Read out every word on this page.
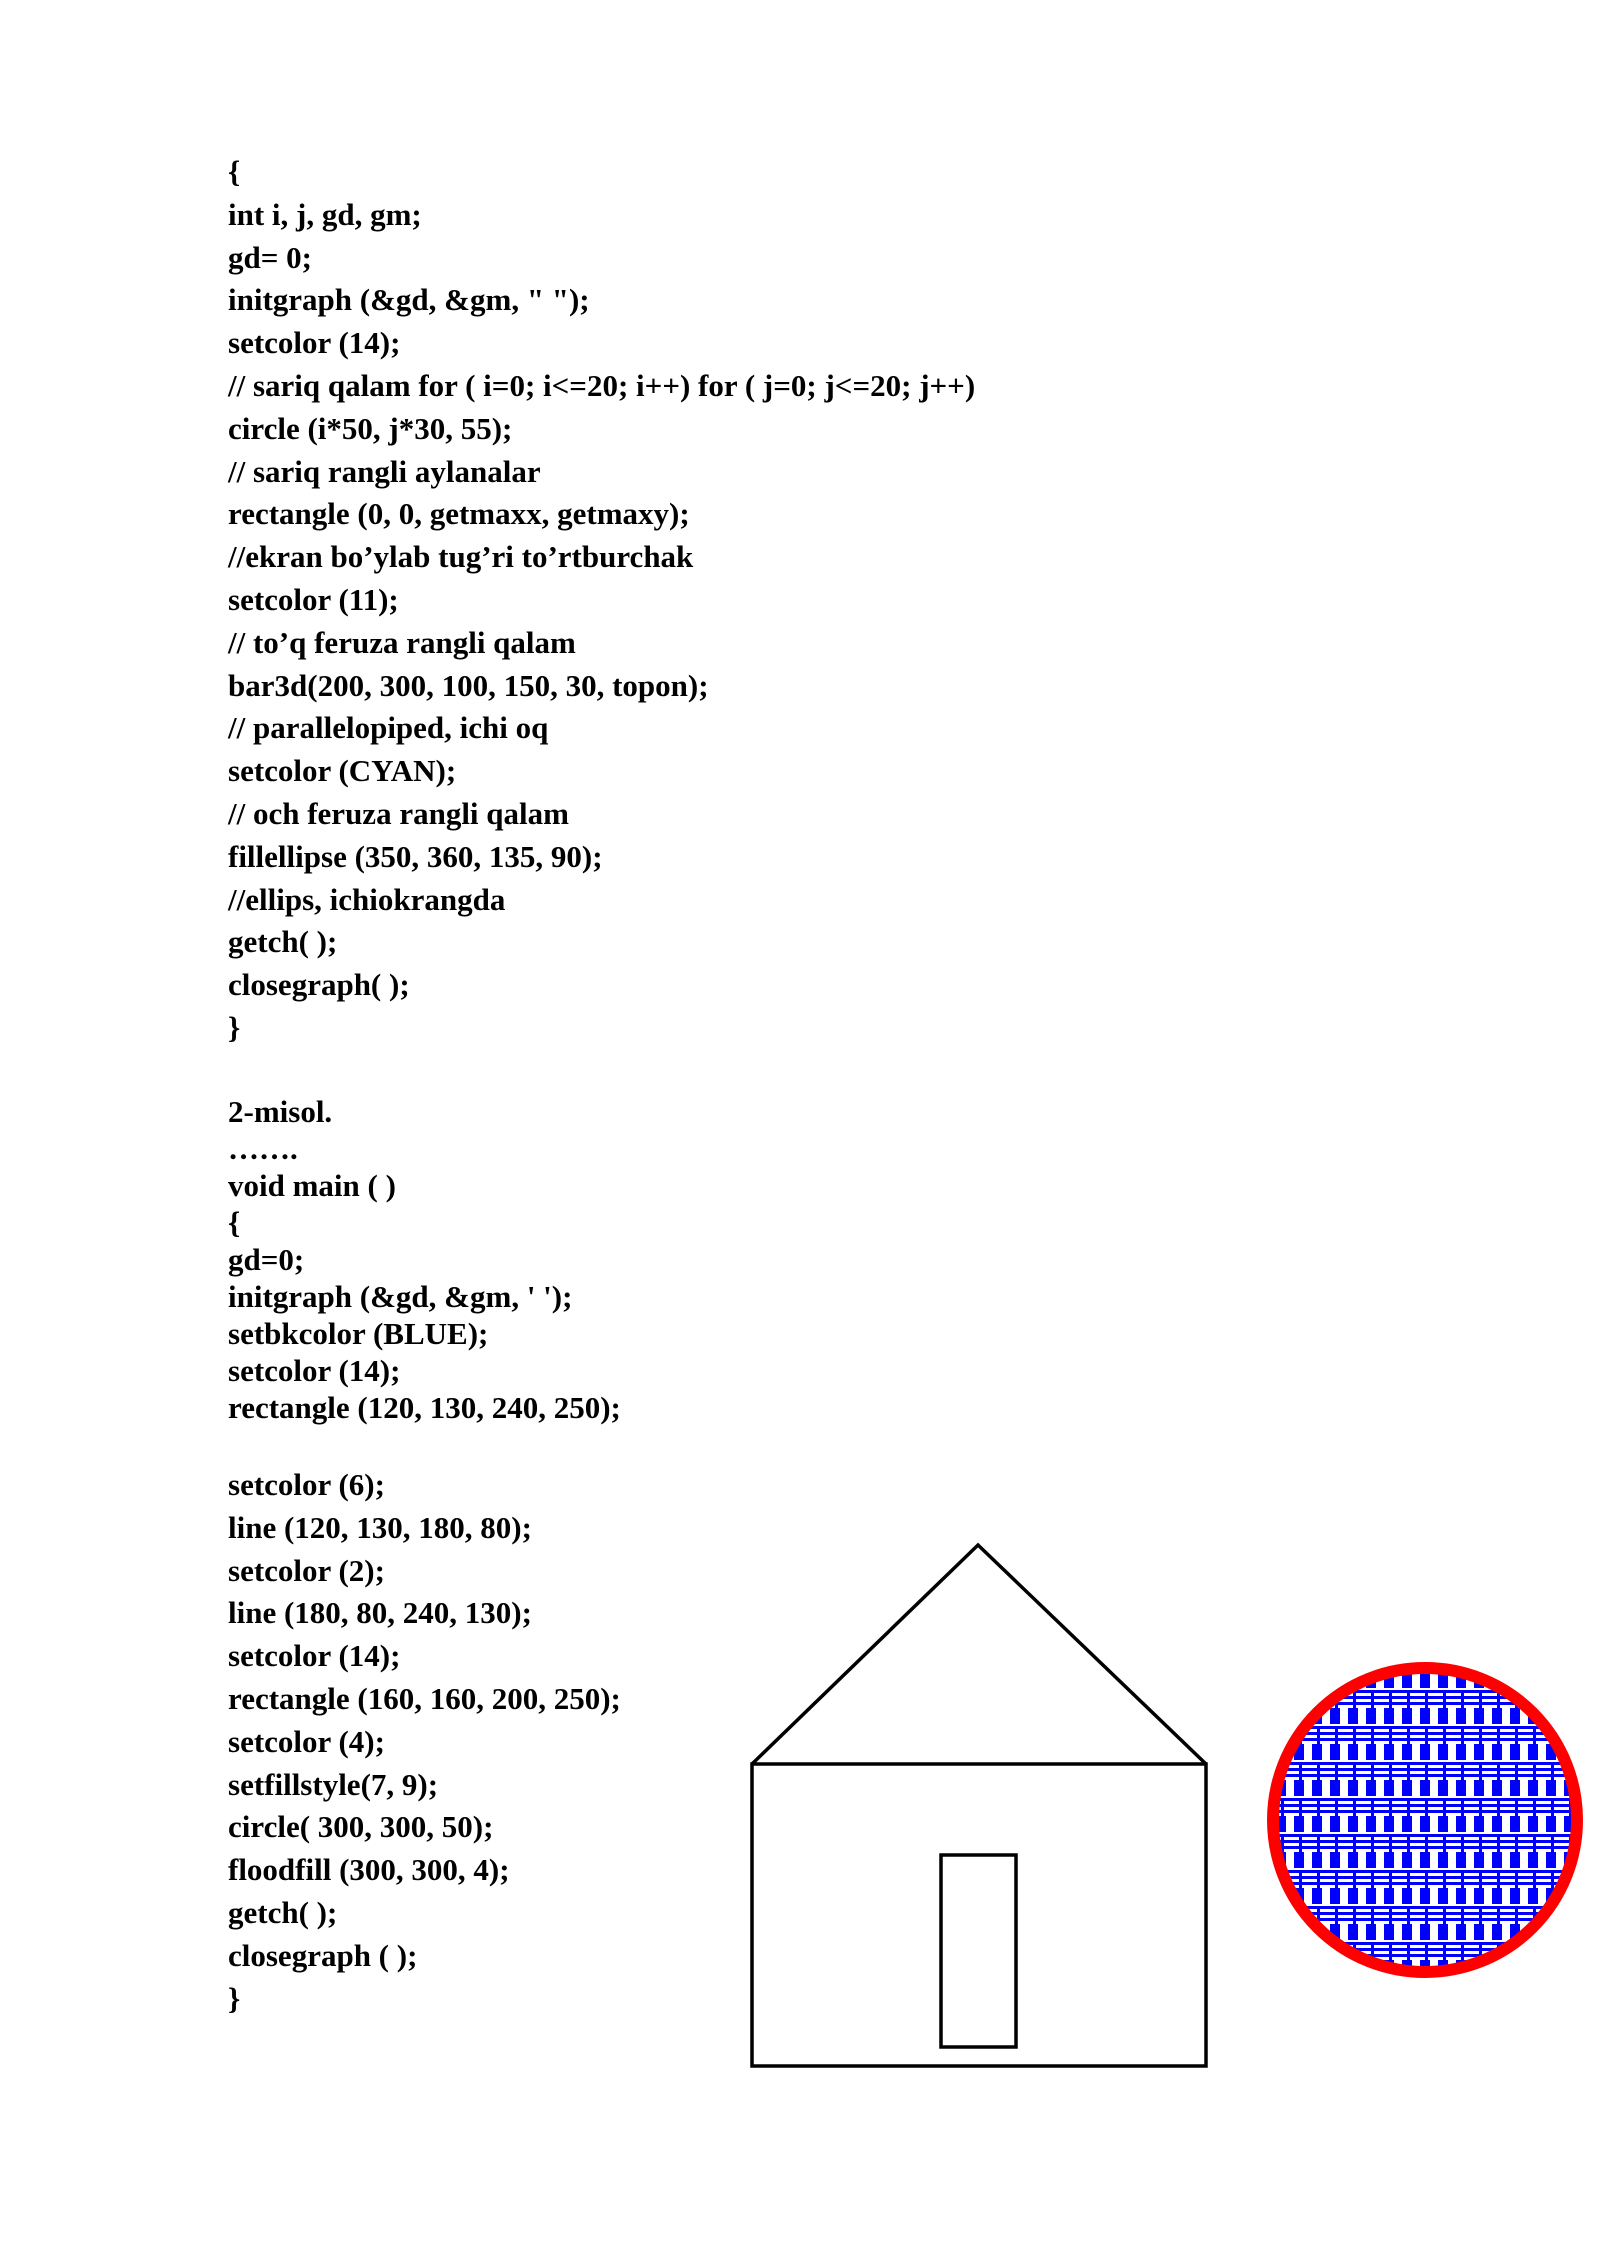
{
int i, j, gd, gm;
gd= 0;
initgraph (&gd, &gm, " ");
setcolor (14);
// sariq qalam for ( i=0; i<=20; i++) for ( j=0; j<=20; j++)
circle (i*50, j*30, 55);
// sariq rangli aylanalar
rectangle (0, 0, getmaxx, getmaxy);
//ekran bo’ylab tug’ri to’rtburchak
setcolor (11);
// to’q feruza rangli qalam
bar3d(200, 300, 100, 150, 30, topon);
// parallelopiped, ichi oq
setcolor (CYAN);
// och feruza rangli qalam
fillellipse (350, 360, 135, 90);
//ellips, ichiokrangda
getch( );
closegraph( );
}
2-misol.
…….
void main ( )
{
gd=0;
initgraph (&gd, &gm, ' ');
setbkcolor (BLUE);
setcolor (14);
rectangle (120, 130, 240, 250);
setcolor (6);
line (120, 130, 180, 80);
setcolor (2);
line (180, 80, 240, 130);
setcolor (14);
rectangle (160, 160, 200, 250);
setcolor (4);
setfillstyle(7, 9);
circle( 300, 300, 50);
floodfill (300, 300, 4);
getch( );
closegraph ( );
}
